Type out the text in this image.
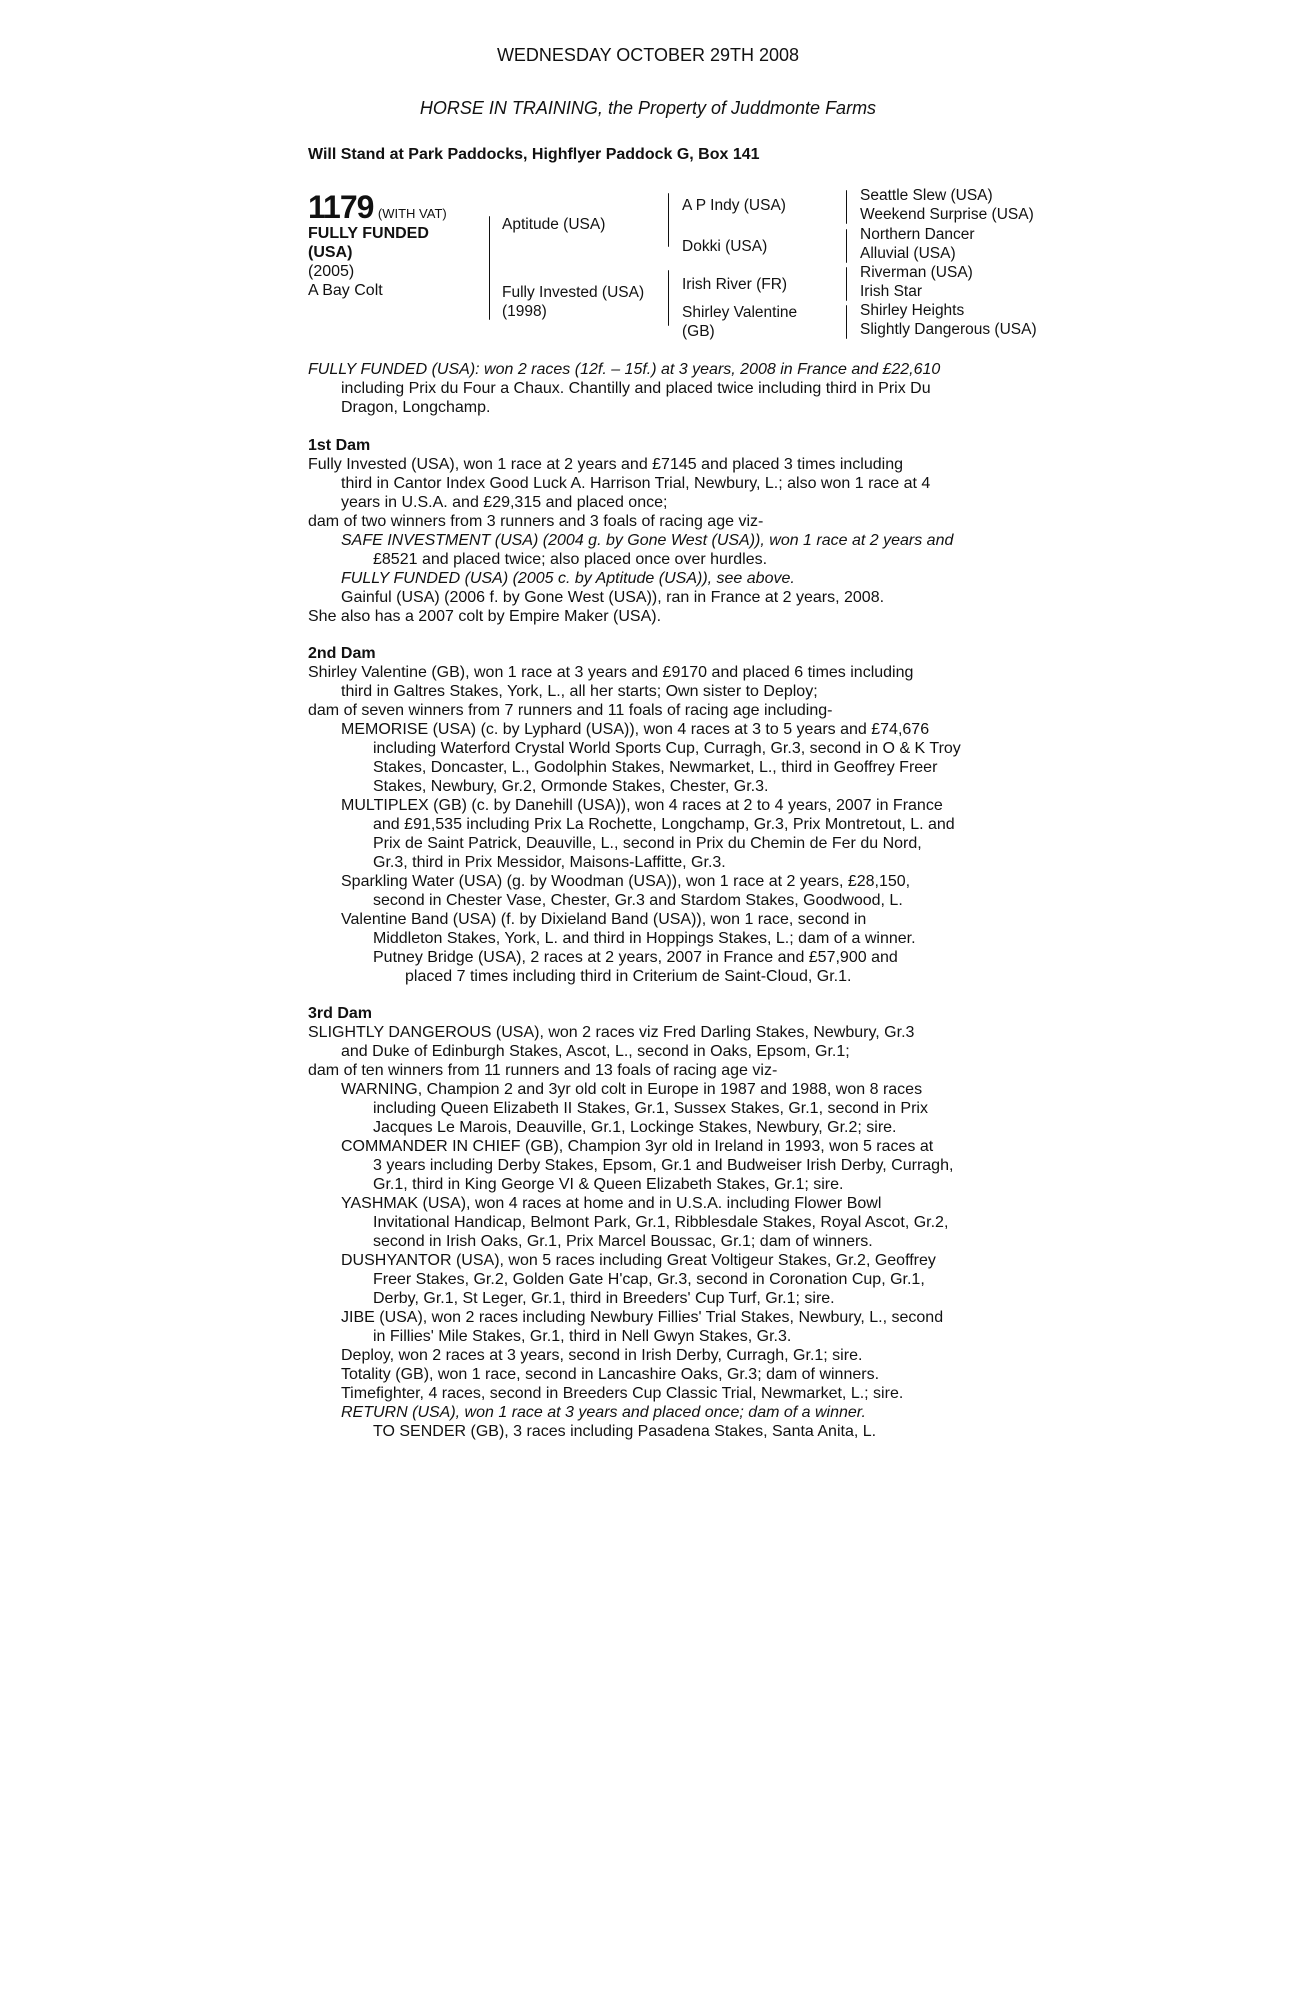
WEDNESDAY OCTOBER 29TH 2008
HORSE IN TRAINING, the Property of Juddmonte Farms
Will Stand at Park Paddocks, Highflyer Paddock G, Box 141
1179 (WITH VAT)
FULLY FUNDED
(USA)
(2005)
A Bay Colt
Aptitude (USA)
Fully Invested (USA)
(1998)
A P Indy (USA)
Dokki (USA)
Irish River (FR)
Shirley Valentine
(GB)
Seattle Slew (USA)
Weekend Surprise (USA)
Northern Dancer
Alluvial (USA)
Riverman (USA)
Irish Star
Shirley Heights
Slightly Dangerous (USA)
FULLY FUNDED (USA): won 2 races (12f. – 15f.) at 3 years, 2008 in France and £22,610
including Prix du Four a Chaux. Chantilly and placed twice including third in Prix Du
Dragon, Longchamp.
1st Dam
Fully Invested (USA), won 1 race at 2 years and £7145 and placed 3 times including
third in Cantor Index Good Luck A. Harrison Trial, Newbury, L.; also won 1 race at 4
years in U.S.A. and £29,315 and placed once;
dam of two winners from 3 runners and 3 foals of racing age viz-
SAFE INVESTMENT (USA) (2004 g. by Gone West (USA)), won 1 race at 2 years and
£8521 and placed twice; also placed once over hurdles.
FULLY FUNDED (USA) (2005 c. by Aptitude (USA)), see above.
Gainful (USA) (2006 f. by Gone West (USA)), ran in France at 2 years, 2008.
She also has a 2007 colt by Empire Maker (USA).
2nd Dam
Shirley Valentine (GB), won 1 race at 3 years and £9170 and placed 6 times including
third in Galtres Stakes, York, L., all her starts; Own sister to Deploy;
dam of seven winners from 7 runners and 11 foals of racing age including-
MEMORISE (USA) (c. by Lyphard (USA)), won 4 races at 3 to 5 years and £74,676
including Waterford Crystal World Sports Cup, Curragh, Gr.3, second in O & K Troy
Stakes, Doncaster, L., Godolphin Stakes, Newmarket, L., third in Geoffrey Freer
Stakes, Newbury, Gr.2, Ormonde Stakes, Chester, Gr.3.
MULTIPLEX (GB) (c. by Danehill (USA)), won 4 races at 2 to 4 years, 2007 in France
and £91,535 including Prix La Rochette, Longchamp, Gr.3, Prix Montretout, L. and
Prix de Saint Patrick, Deauville, L., second in Prix du Chemin de Fer du Nord,
Gr.3, third in Prix Messidor, Maisons-Laffitte, Gr.3.
Sparkling Water (USA) (g. by Woodman (USA)), won 1 race at 2 years, £28,150,
second in Chester Vase, Chester, Gr.3 and Stardom Stakes, Goodwood, L.
Valentine Band (USA) (f. by Dixieland Band (USA)), won 1 race, second in
Middleton Stakes, York, L. and third in Hoppings Stakes, L.; dam of a winner.
Putney Bridge (USA), 2 races at 2 years, 2007 in France and £57,900 and
placed 7 times including third in Criterium de Saint-Cloud, Gr.1.
3rd Dam
SLIGHTLY DANGEROUS (USA), won 2 races viz Fred Darling Stakes, Newbury, Gr.3
and Duke of Edinburgh Stakes, Ascot, L., second in Oaks, Epsom, Gr.1;
dam of ten winners from 11 runners and 13 foals of racing age viz-
WARNING, Champion 2 and 3yr old colt in Europe in 1987 and 1988, won 8 races
including Queen Elizabeth II Stakes, Gr.1, Sussex Stakes, Gr.1, second in Prix
Jacques Le Marois, Deauville, Gr.1, Lockinge Stakes, Newbury, Gr.2; sire.
COMMANDER IN CHIEF (GB), Champion 3yr old in Ireland in 1993, won 5 races at
3 years including Derby Stakes, Epsom, Gr.1 and Budweiser Irish Derby, Curragh,
Gr.1, third in King George VI & Queen Elizabeth Stakes, Gr.1; sire.
YASHMAK (USA), won 4 races at home and in U.S.A. including Flower Bowl
Invitational Handicap, Belmont Park, Gr.1, Ribblesdale Stakes, Royal Ascot, Gr.2,
second in Irish Oaks, Gr.1, Prix Marcel Boussac, Gr.1; dam of winners.
DUSHYANTOR (USA), won 5 races including Great Voltigeur Stakes, Gr.2, Geoffrey
Freer Stakes, Gr.2, Golden Gate H'cap, Gr.3, second in Coronation Cup, Gr.1,
Derby, Gr.1, St Leger, Gr.1, third in Breeders' Cup Turf, Gr.1; sire.
JIBE (USA), won 2 races including Newbury Fillies' Trial Stakes, Newbury, L., second
in Fillies' Mile Stakes, Gr.1, third in Nell Gwyn Stakes, Gr.3.
Deploy, won 2 races at 3 years, second in Irish Derby, Curragh, Gr.1; sire.
Totality (GB), won 1 race, second in Lancashire Oaks, Gr.3; dam of winners.
Timefighter, 4 races, second in Breeders Cup Classic Trial, Newmarket, L.; sire.
RETURN (USA), won 1 race at 3 years and placed once; dam of a winner.
TO SENDER (GB), 3 races including Pasadena Stakes, Santa Anita, L.
